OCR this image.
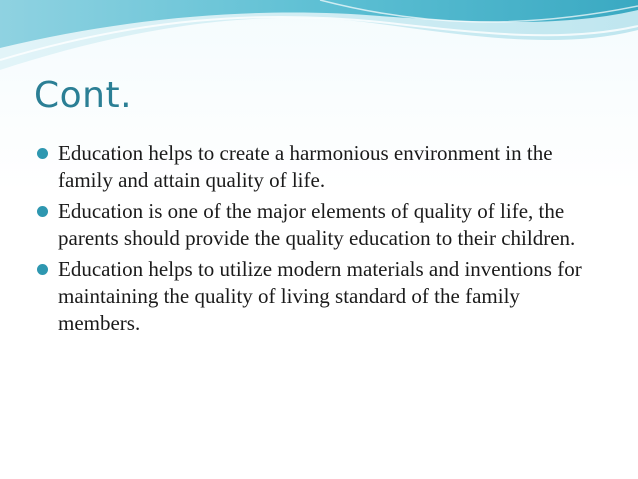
Cont.
Education helps to create a harmonious environment in the family and attain quality of life.
Education is one of the major elements of quality of life, the parents should provide the quality education to their children.
Education helps to utilize modern materials and inventions for maintaining the quality of living standard of the family members.
